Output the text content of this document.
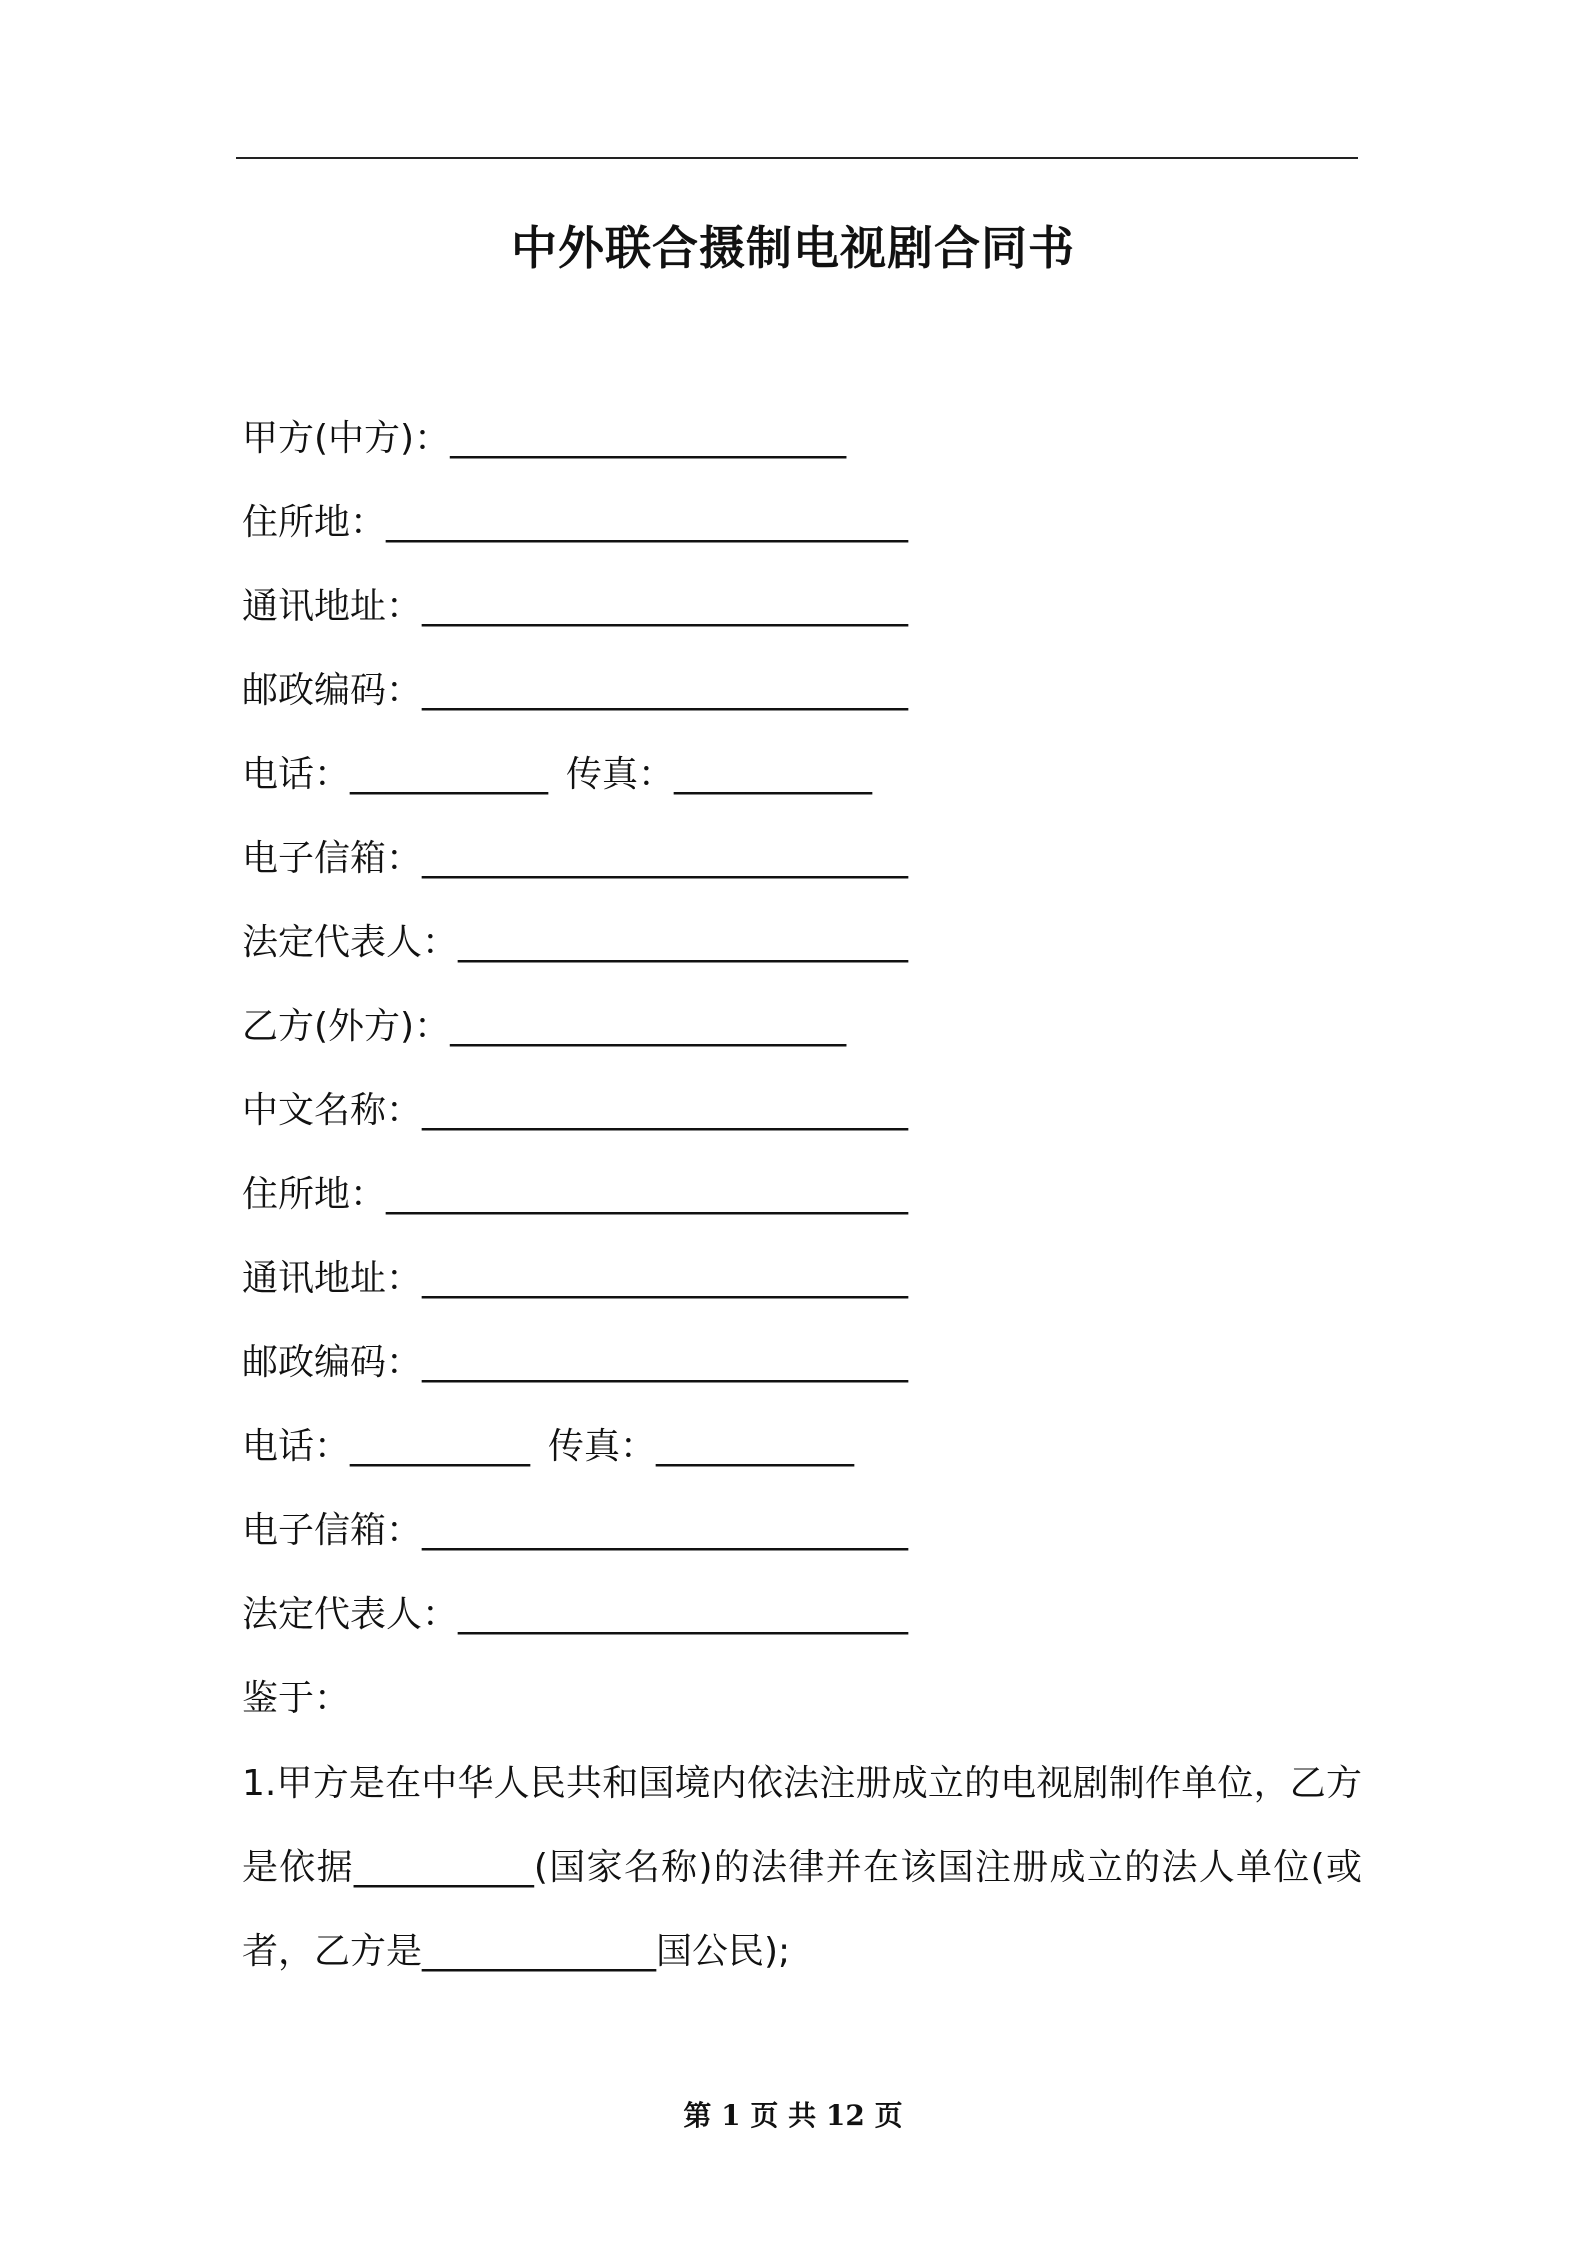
中外联合摄制电视剧合同书
甲方(中方)：______________________
住所地：_____________________________
通讯地址：___________________________
邮政编码：___________________________
电话：___________ 传真：___________
电子信箱：___________________________
法定代表人：_________________________
乙方(外方)：______________________
中文名称：___________________________
住所地：_____________________________
通讯地址：___________________________
邮政编码：___________________________
电话：__________ 传真：___________
电子信箱：___________________________
法定代表人：_________________________
鉴于：
1.甲方是在中华人民共和国境内依法注册成立的电视剧制作单位，乙方是依据__________(国家名称)的法律并在该国注册成立的法人单位(或者，乙方是_____________国公民);
第 1 页 共 12 页
